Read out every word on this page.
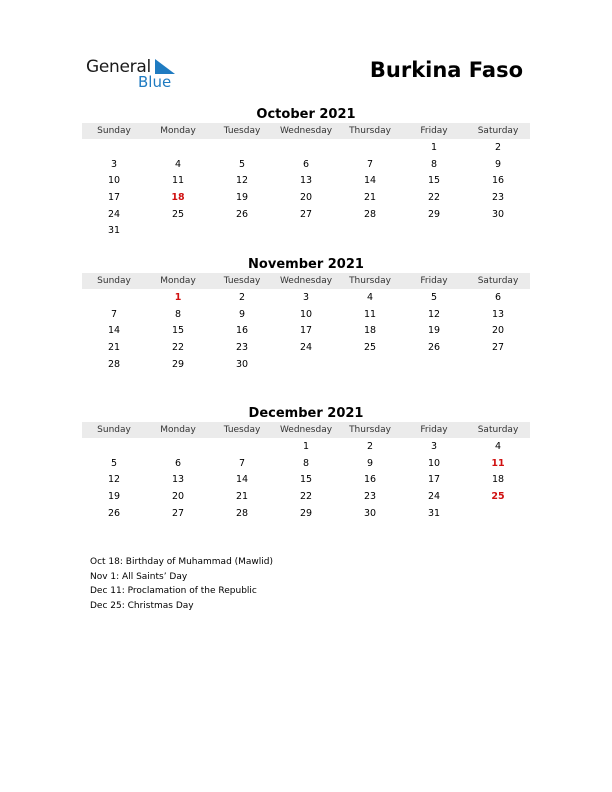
General
Blue	Burkina Faso
October 2021
Sunday	Monday	Tuesday	Wednesday	Thursday	Friday	Saturday
					1	2
3	4	5	6	7	8	9
10	11	12	13	14	15	16
17	18	19	20	21	22	23
24	25	26	27	28	29	30
31						
November 2021
Sunday	Monday	Tuesday	Wednesday	Thursday	Friday	Saturday
	1	2	3	4	5	6
7	8	9	10	11	12	13
14	15	16	17	18	19	20
21	22	23	24	25	26	27
28	29	30				
December 2021
Sunday	Monday	Tuesday	Wednesday	Thursday	Friday	Saturday
			1	2	3	4
5	6	7	8	9	10	11
12	13	14	15	16	17	18
19	20	21	22	23	24	25
26	27	28	29	30	31	
Oct 18: Birthday of Muhammad (Mawlid)
Nov 1: All Saints’ Day
Dec 11: Proclamation of the Republic
Dec 25: Christmas Day
